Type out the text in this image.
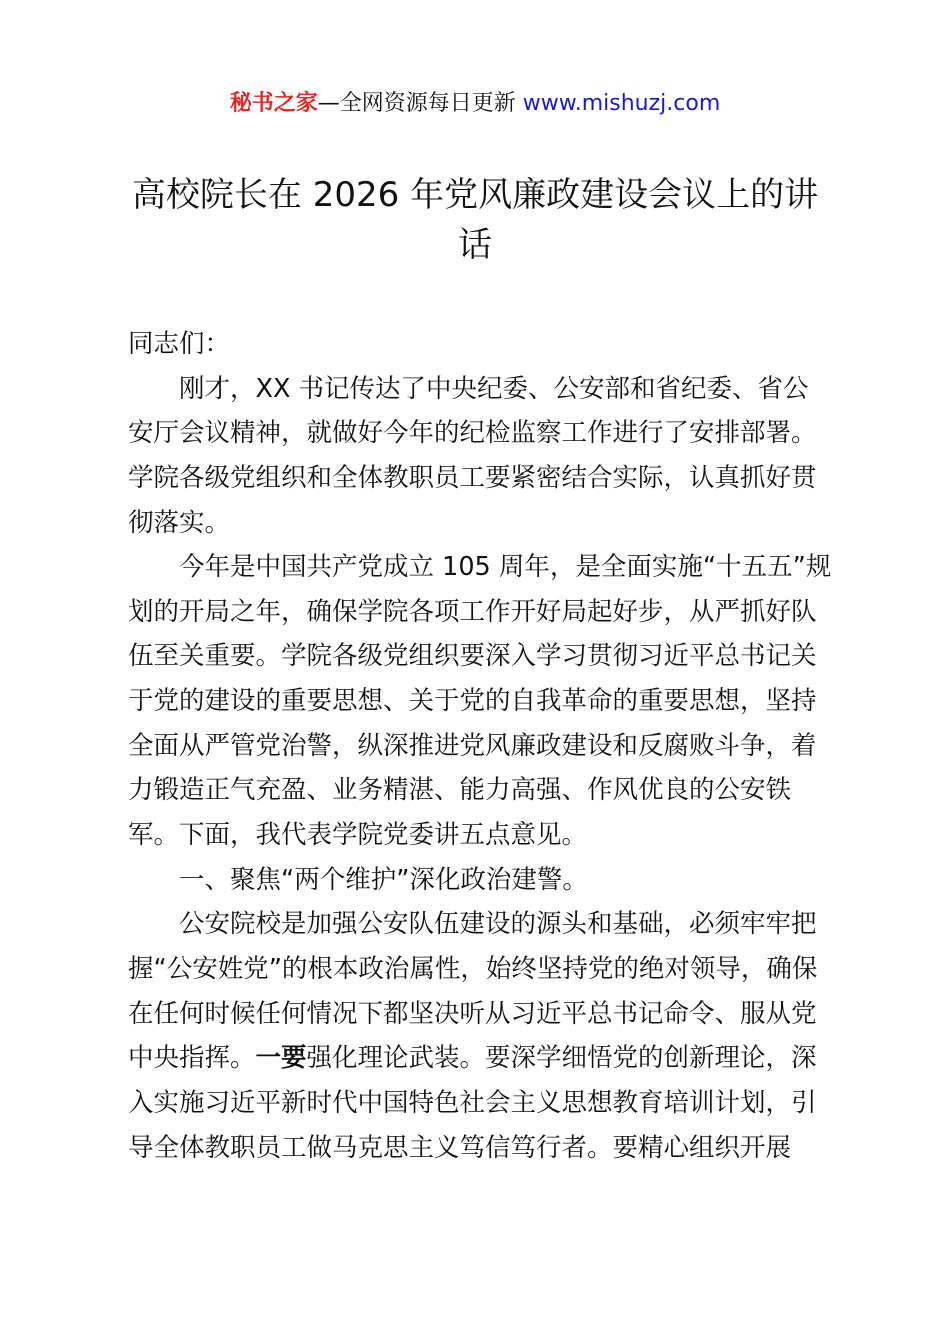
秘书之家—全网资源每日更新 www.mishuzj.com
高校院长在 2026 年党风廉政建设会议上的讲
话
同志们：
刚才，XX 书记传达了中央纪委、公安部和省纪委、省公
安厅会议精神，就做好今年的纪检监察工作进行了安排部署。
学院各级党组织和全体教职员工要紧密结合实际，认真抓好贯
彻落实。
今年是中国共产党成立 105 周年，是全面实施“十五五”规
划的开局之年，确保学院各项工作开好局起好步，从严抓好队
伍至关重要。学院各级党组织要深入学习贯彻习近平总书记关
于党的建设的重要思想、关于党的自我革命的重要思想，坚持
全面从严管党治警，纵深推进党风廉政建设和反腐败斗争，着
力锻造正气充盈、业务精湛、能力高强、作风优良的公安铁
军。下面，我代表学院党委讲五点意见。
一、聚焦“两个维护”深化政治建警。
公安院校是加强公安队伍建设的源头和基础，必须牢牢把
握“公安姓党”的根本政治属性，始终坚持党的绝对领导，确保
在任何时候任何情况下都坚决听从习近平总书记命令、服从党
中央指挥。一要强化理论武装。要深学细悟党的创新理论，深
入实施习近平新时代中国特色社会主义思想教育培训计划，引
导全体教职员工做马克思主义笃信笃行者。要精心组织开展
